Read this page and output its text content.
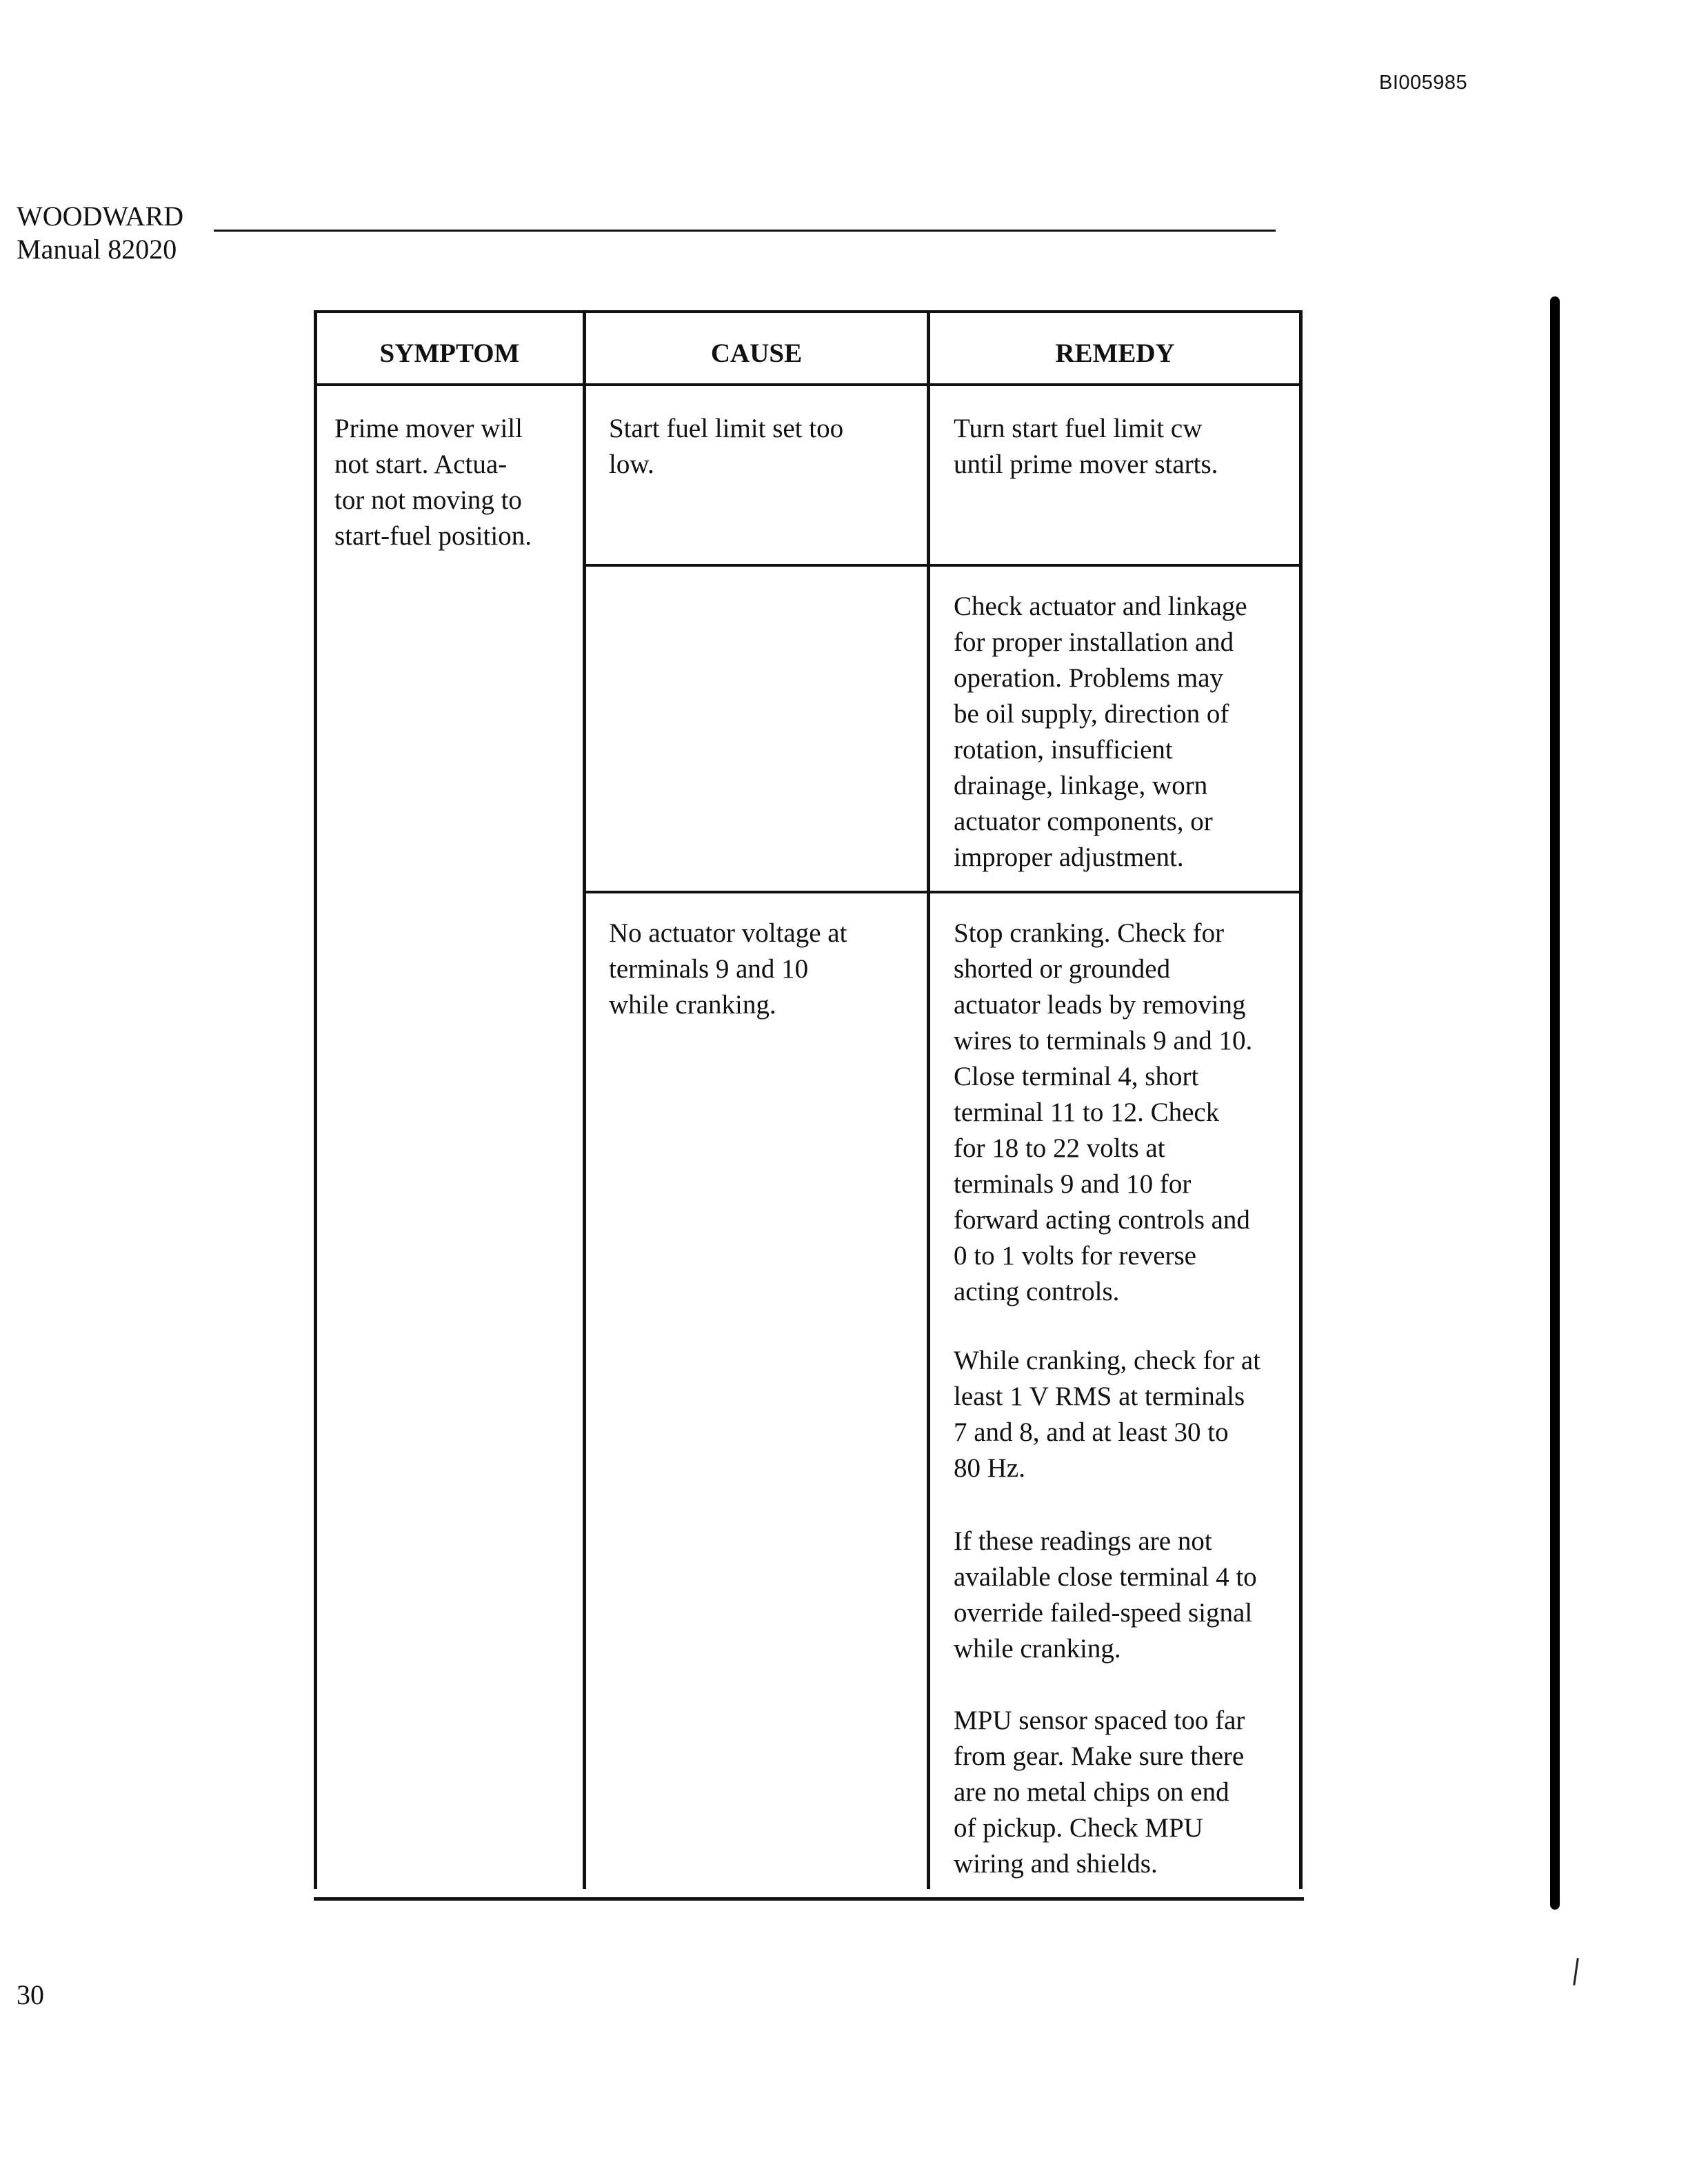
BI005985
WOODWARD
Manual 82020
SYMPTOM	CAUSE	REMEDY
Prime mover will
not start. Actua-
tor not moving to
start-fuel position.
Start fuel limit set too
low.
Turn start fuel limit cw
until prime mover starts.
Check actuator and linkage
for proper installation and
operation. Problems may
be oil supply, direction of
rotation, insufficient
drainage, linkage, worn
actuator components, or
improper adjustment.
No actuator voltage at
terminals 9 and 10
while cranking.
Stop cranking. Check for
shorted or grounded
actuator leads by removing
wires to terminals 9 and 10.
Close terminal 4, short
terminal 11 to 12. Check
for 18 to 22 volts at
terminals 9 and 10 for
forward acting controls and
0 to 1 volts for reverse
acting controls.
While cranking, check for at
least 1 V RMS at terminals
7 and 8, and at least 30 to
80 Hz.
If these readings are not
available close terminal 4 to
override failed-speed signal
while cranking.
MPU sensor spaced too far
from gear. Make sure there
are no metal chips on end
of pickup. Check MPU
wiring and shields.
30
